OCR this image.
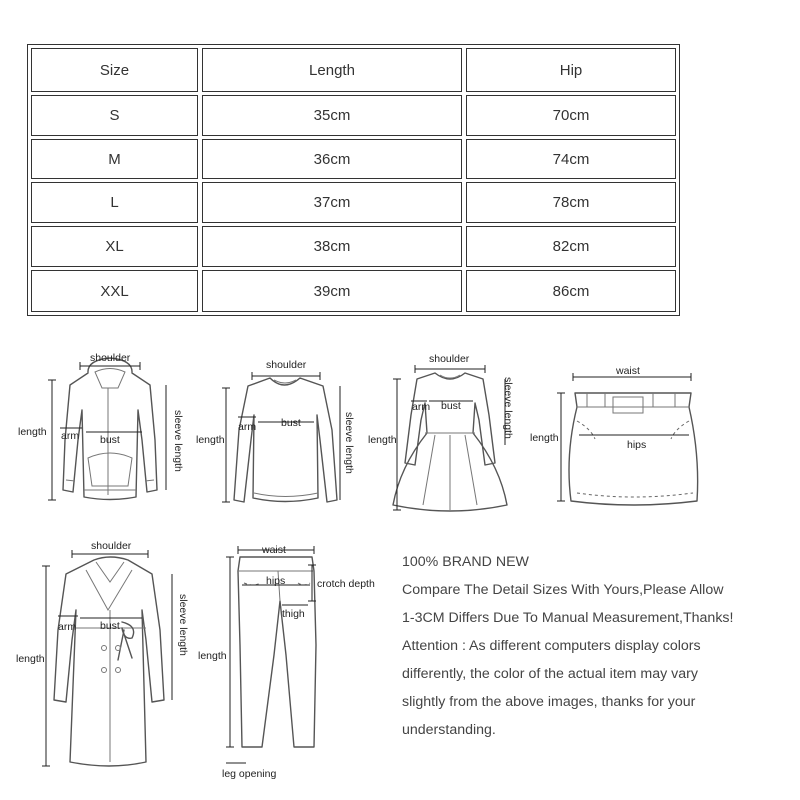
Size	Length	Hip
S	35cm	70cm
M	36cm	74cm
L	37cm	78cm
XL	38cm	82cm
XXL	39cm	86cm
shoulder
length arm bust	sleeve length
shoulder
length
arm bust	sleeve length
shoulder
length
arm bust	sleeve length
waist
length
hips
shoulder
length
arm bust	sleeve length
waist
hips	crotch depth
thigh
length
leg opening
100% BRAND NEW
Compare The Detail Sizes With Yours,Please Allow
1-3CM Differs Due To Manual Measurement,Thanks!
Attention : As different computers display colors
differently, the color of the actual item may vary
slightly from the above images, thanks for your
understanding.
